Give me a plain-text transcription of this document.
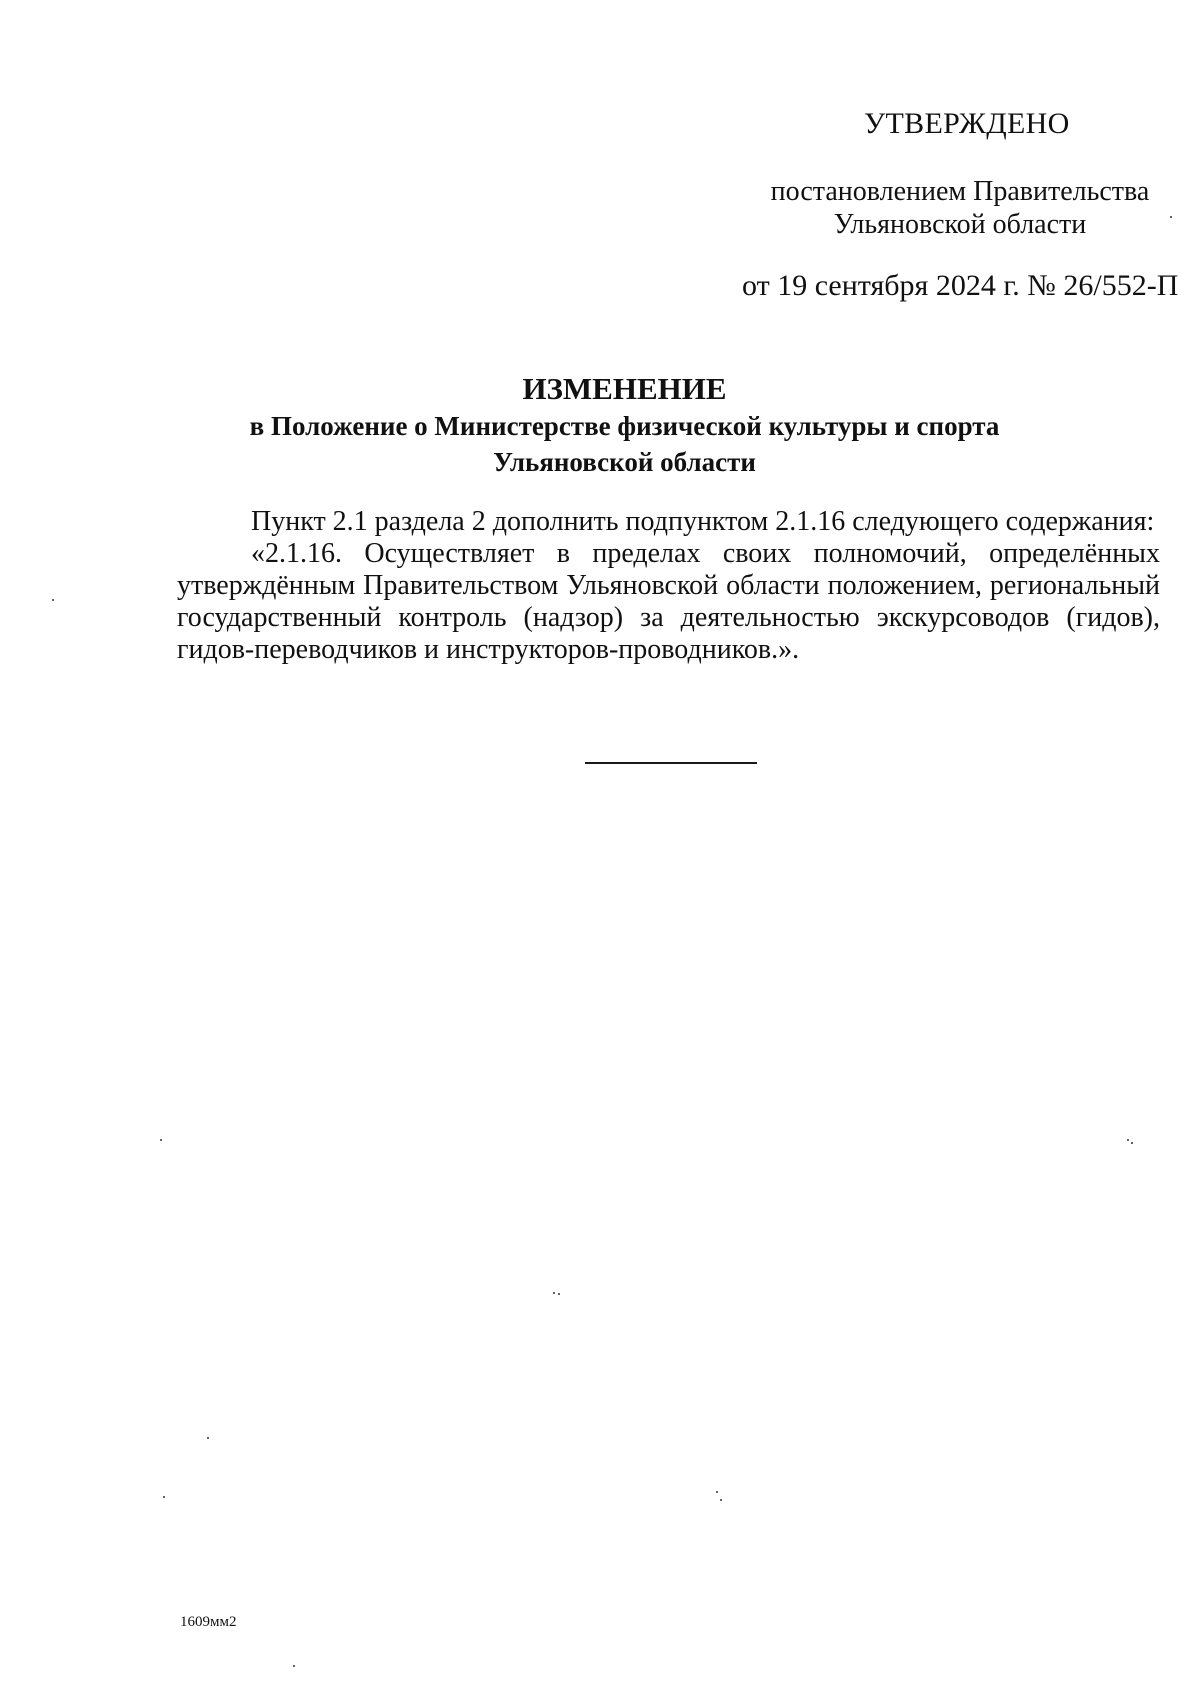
УТВЕРЖДЕНО
постановлением Правительства
Ульяновской области
от 19 сентября 2024 г. № 26/552-П
ИЗМЕНЕНИЕ
в Положение о Министерстве физической культуры и спорта
Ульяновской области

Пункт 2.1 раздела 2 дополнить подпунктом 2.1.16 следующего содержания:

«2.1.16. Осуществляет в пределах своих полномочий, определённых утверждённым Правительством Ульяновской области положением, региональный государственный контроль (надзор) за деятельностью экскурсоводов (гидов), гидов-переводчиков и инструкторов-проводников.».

1609мм2
